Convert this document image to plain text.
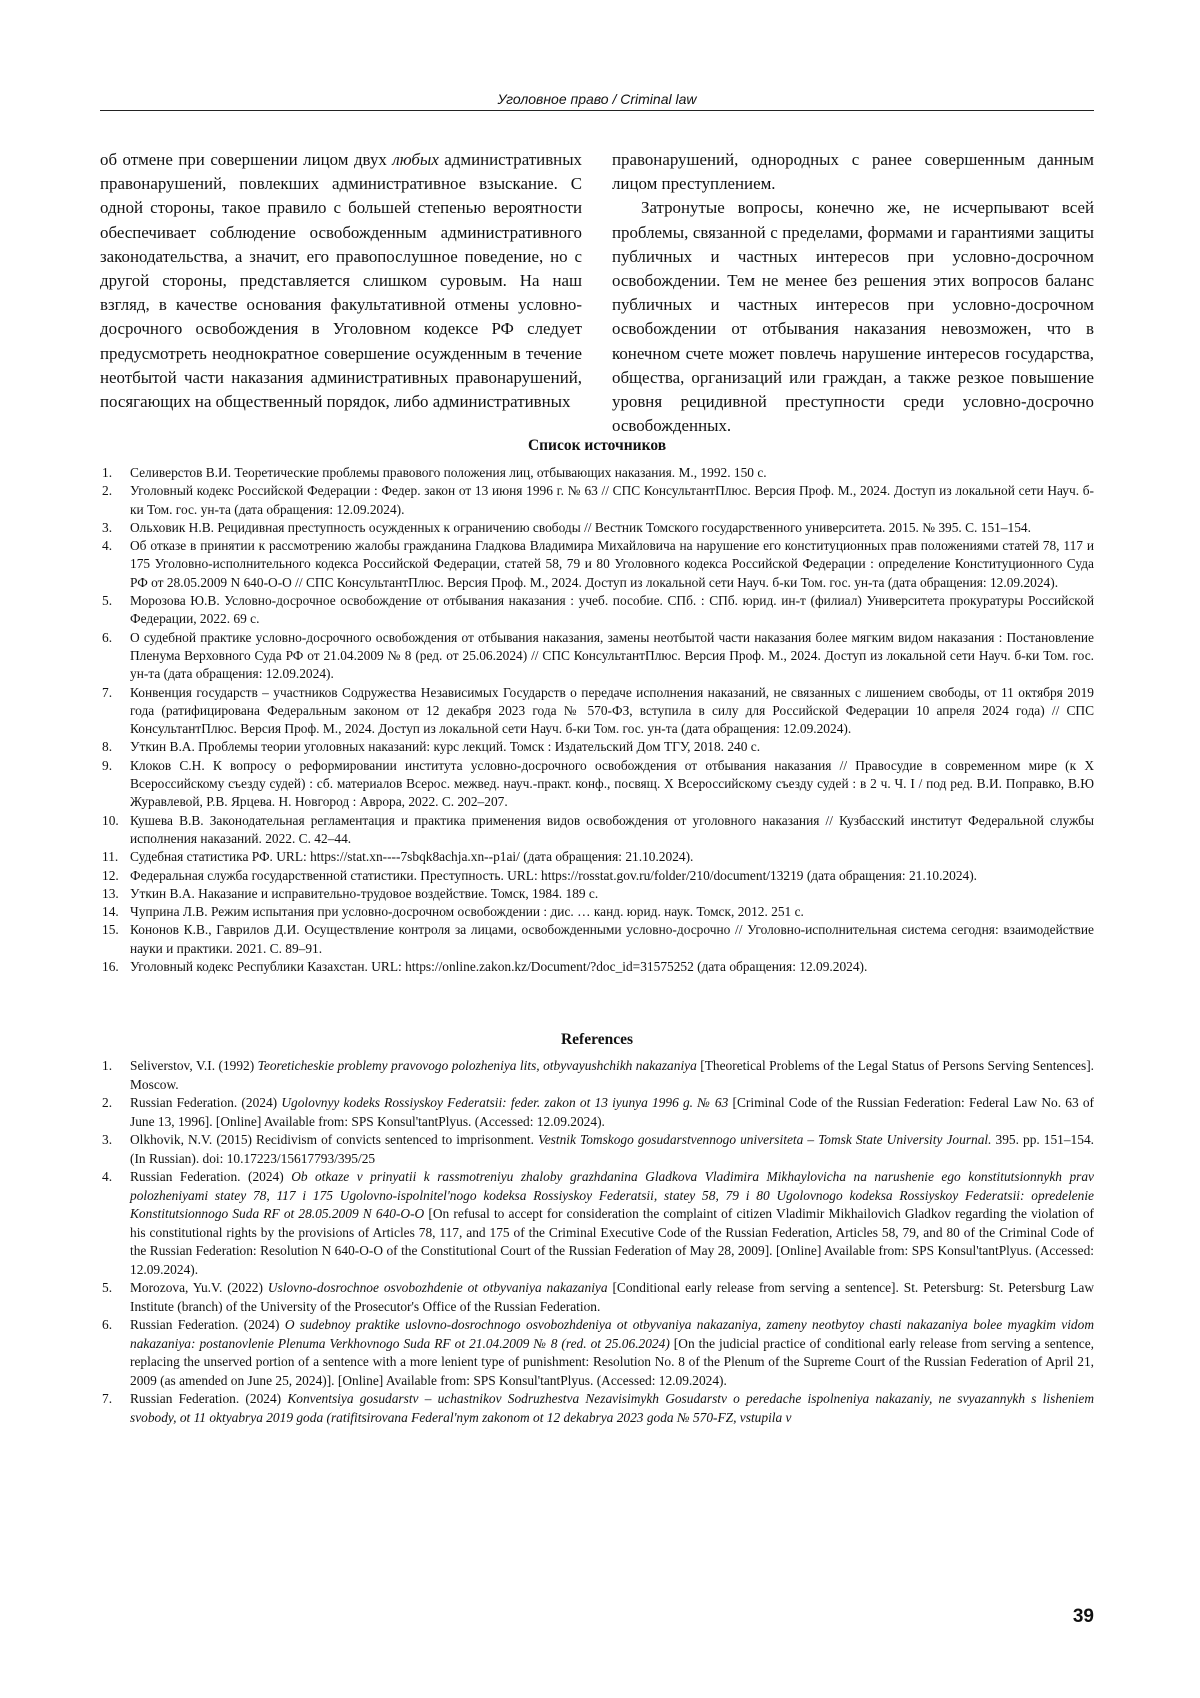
Уголовное право / Criminal law

об отмене при совершении лицом двух любых административных правонарушений, повлекших административное взыскание. С одной стороны, такое правило с большей степенью вероятности обеспечивает соблюдение освобожденным административного законодательства, а значит, его правопослушное поведение, но с другой стороны, представляется слишком суровым. На наш взгляд, в качестве основания факультативной отмены условно-досрочного освобождения в Уголовном кодексе РФ следует предусмотреть неоднократное совершение осужденным в течение неотбытой части наказания административных правонарушений, посягающих на общественный порядок, либо административных

правонарушений, однородных с ранее совершенным данным лицом преступлением.

Затронутые вопросы, конечно же, не исчерпывают всей проблемы, связанной с пределами, формами и гарантиями защиты публичных и частных интересов при условно-досрочном освобождении. Тем не менее без решения этих вопросов баланс публичных и частных интересов при условно-досрочном освобождении от отбывания наказания невозможен, что в конечном счете может повлечь нарушение интересов государства, общества, организаций или граждан, а также резкое повышение уровня рецидивной преступности среди условно-досрочно освобожденных.

Список источников
1. Селиверстов В.И. Теоретические проблемы правового положения лиц, отбывающих наказания. М., 1992. 150 с.
2. Уголовный кодекс Российской Федерации : Федер. закон от 13 июня 1996 г. № 63 // СПС КонсультантПлюс. Версия Проф. М., 2024. Доступ из локальной сети Науч. б-ки Том. гос. ун-та (дата обращения: 12.09.2024).
3. Ольховик Н.В. Рецидивная преступность осужденных к ограничению свободы // Вестник Томского государственного университета. 2015. № 395. С. 151–154.
4. Об отказе в принятии к рассмотрению жалобы гражданина Гладкова Владимира Михайловича на нарушение его конституционных прав положениями статей 78, 117 и 175 Уголовно-исполнительного кодекса Российской Федерации, статей 58, 79 и 80 Уголовного кодекса Российской Федерации : определение Конституционного Суда РФ от 28.05.2009 N 640-О-О // СПС КонсультантПлюс. Версия Проф. М., 2024. Доступ из локальной сети Науч. б-ки Том. гос. ун-та (дата обращения: 12.09.2024).
5. Морозова Ю.В. Условно-досрочное освобождение от отбывания наказания : учеб. пособие. СПб. : СПб. юрид. ин-т (филиал) Университета прокуратуры Российской Федерации, 2022. 69 с.
6. О судебной практике условно-досрочного освобождения от отбывания наказания, замены неотбытой части наказания более мягким видом наказания : Постановление Пленума Верховного Суда РФ от 21.04.2009 № 8 (ред. от 25.06.2024) // СПС КонсультантПлюс. Версия Проф. М., 2024. Доступ из локальной сети Науч. б-ки Том. гос. ун-та (дата обращения: 12.09.2024).
7. Конвенция государств – участников Содружества Независимых Государств о передаче исполнения наказаний, не связанных с лишением свободы, от 11 октября 2019 года (ратифицирована Федеральным законом от 12 декабря 2023 года № 570-ФЗ, вступила в силу для Российской Федерации 10 апреля 2024 года) // СПС КонсультантПлюс. Версия Проф. М., 2024. Доступ из локальной сети Науч. б-ки Том. гос. ун-та (дата обращения: 12.09.2024).
8. Уткин В.А. Проблемы теории уголовных наказаний: курс лекций. Томск : Издательский Дом ТГУ, 2018. 240 с.
9. Клоков С.Н. К вопросу о реформировании института условно-досрочного освобождения от отбывания наказания // Правосудие в современном мире (к X Всероссийскому съезду судей) : сб. материалов Всерос. межвед. науч.-практ. конф., посвящ. X Всероссийскому съезду судей : в 2 ч. Ч. I / под ред. В.И. Поправко, В.Ю Журавлевой, Р.В. Ярцева. Н. Новгород : Аврора, 2022. С. 202–207.
10. Кушева В.В. Законодательная регламентация и практика применения видов освобождения от уголовного наказания // Кузбасский институт Федеральной службы исполнения наказаний. 2022. С. 42–44.
11. Судебная статистика РФ. URL: https://stat.xn----7sbqk8achja.xn--p1ai/ (дата обращения: 21.10.2024).
12. Федеральная служба государственной статистики. Преступность. URL: https://rosstat.gov.ru/folder/210/document/13219 (дата обращения: 21.10.2024).
13. Уткин В.А. Наказание и исправительно-трудовое воздействие. Томск, 1984. 189 с.
14. Чуприна Л.В. Режим испытания при условно-досрочном освобождении : дис. … канд. юрид. наук. Томск, 2012. 251 с.
15. Кононов К.В., Гаврилов Д.И. Осуществление контроля за лицами, освобожденными условно-досрочно // Уголовно-исполнительная система сегодня: взаимодействие науки и практики. 2021. С. 89–91.
16. Уголовный кодекс Республики Казахстан. URL: https://online.zakon.kz/Document/?doc_id=31575252 (дата обращения: 12.09.2024).
References
1. Seliverstov, V.I. (1992) Teoreticheskie problemy pravovogo polozheniya lits, otbyvayushchikh nakazaniya [Theoretical Problems of the Legal Status of Persons Serving Sentences]. Moscow.
2. Russian Federation. (2024) Ugolovnyy kodeks Rossiyskoy Federatsii: feder. zakon ot 13 iyunya 1996 g. № 63 [Criminal Code of the Russian Federation: Federal Law No. 63 of June 13, 1996]. [Online] Available from: SPS Konsul'tantPlyus. (Accessed: 12.09.2024).
3. Olkhovik, N.V. (2015) Recidivism of convicts sentenced to imprisonment. Vestnik Tomskogo gosudarstvennogo universiteta – Tomsk State University Journal. 395. pp. 151–154. (In Russian). doi: 10.17223/15617793/395/25
4. Russian Federation. (2024) Ob otkaze v prinyatii k rassmotreniyu zhaloby grazhdanina Gladkova Vladimira Mikhaylovicha na narushenie ego konstitutsionnykh prav polozheniyami statey 78, 117 i 175 Ugolovno-ispolnitel'nogo kodeksa Rossiyskoy Federatsii, statey 58, 79 i 80 Ugolovnogo kodeksa Rossiyskoy Federatsii: opredelenie Konstitutsionnogo Suda RF ot 28.05.2009 N 640-O-O [On refusal to accept for consideration the complaint of citizen Vladimir Mikhailovich Gladkov regarding the violation of his constitutional rights by the provisions of Articles 78, 117, and 175 of the Criminal Executive Code of the Russian Federation, Articles 58, 79, and 80 of the Criminal Code of the Russian Federation: Resolution N 640-O-O of the Constitutional Court of the Russian Federation of May 28, 2009]. [Online] Available from: SPS Konsul'tantPlyus. (Accessed: 12.09.2024).
5. Morozova, Yu.V. (2022) Uslovno-dosrochnoe osvobozhdenie ot otbyvaniya nakazaniya [Conditional early release from serving a sentence]. St. Petersburg: St. Petersburg Law Institute (branch) of the University of the Prosecutor's Office of the Russian Federation.
6. Russian Federation. (2024) O sudebnoy praktike uslovno-dosrochnogo osvobozhdeniya ot otbyvaniya nakazaniya, zameny neotbytoy chasti nakazaniya bolee myagkim vidom nakazaniya: postanovlenie Plenuma Verkhovnogo Suda RF ot 21.04.2009 № 8 (red. ot 25.06.2024) [On the judicial practice of conditional early release from serving a sentence, replacing the unserved portion of a sentence with a more lenient type of punishment: Resolution No. 8 of the Plenum of the Supreme Court of the Russian Federation of April 21, 2009 (as amended on June 25, 2024)]. [Online] Available from: SPS Konsul'tantPlyus. (Accessed: 12.09.2024).
7. Russian Federation. (2024) Konventsiya gosudarstv – uchastnikov Sodruzhestva Nezavisimykh Gosudarstv o peredache ispolneniya nakazaniy, ne svyazannykh s lisheniem svobody, ot 11 oktyabrya 2019 goda (ratifitsirovana Federal'nym zakonom ot 12 dekabrya 2023 goda № 570-FZ, vstupila v
39
